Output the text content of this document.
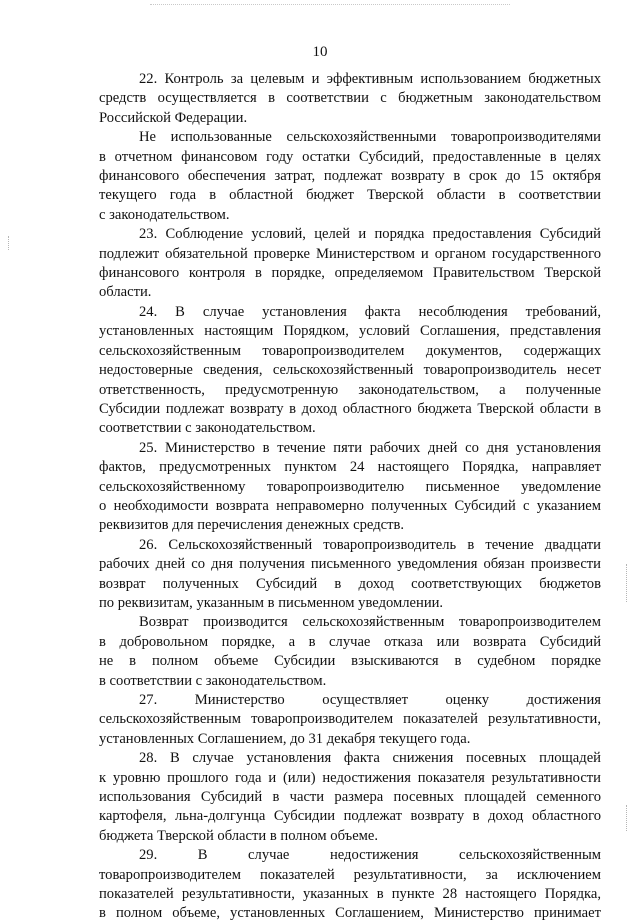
10
22. Контроль за целевым и эффективным использованием бюджетных
средств осуществляется в соответствии с бюджетным законодательством
Российской Федерации.
Не использованные сельскохозяйственными товаропроизводителями
в отчетном финансовом году остатки Субсидий, предоставленные в целях
финансового обеспечения затрат, подлежат возврату в срок до 15 октября
текущего года в областной бюджет Тверской области в соответствии
с законодательством.
23. Соблюдение условий, целей и порядка предоставления Субсидий
подлежит обязательной проверке Министерством и органом государственного
финансового контроля в порядке, определяемом Правительством Тверской
области.
24. В случае установления факта несоблюдения требований,
установленных настоящим Порядком, условий Соглашения, представления
сельскохозяйственным товаропроизводителем документов, содержащих
недостоверные сведения, сельскохозяйственный товаропроизводитель несет
ответственность, предусмотренную законодательством, а полученные
Субсидии подлежат возврату в доход областного бюджета Тверской области в
соответствии с законодательством.
25. Министерство в течение пяти рабочих дней со дня установления
фактов, предусмотренных пунктом 24 настоящего Порядка, направляет
сельскохозяйственному товаропроизводителю письменное уведомление
о необходимости возврата неправомерно полученных Субсидий с указанием
реквизитов для перечисления денежных средств.
26. Сельскохозяйственный товаропроизводитель в течение двадцати
рабочих дней со дня получения письменного уведомления обязан произвести
возврат полученных Субсидий в доход соответствующих бюджетов
по реквизитам, указанным в письменном уведомлении.
Возврат производится сельскохозяйственным товаропроизводителем
в добровольном порядке, а в случае отказа или возврата Субсидий
не в полном объеме Субсидии взыскиваются в судебном порядке
в соответствии с законодательством.
27. Министерство осуществляет оценку достижения
сельскохозяйственным товаропроизводителем показателей результативности,
установленных Соглашением, до 31 декабря текущего года.
28. В случае установления факта снижения посевных площадей
к уровню прошлого года и (или) недостижения показателя результативности
использования Субсидий в части размера посевных площадей семенного
картофеля, льна-долгунца Субсидии подлежат возврату в доход областного
бюджета Тверской области в полном объеме.
29. В случае недостижения сельскохозяйственным
товаропроизводителем показателей результативности, за исключением
показателей результативности, указанных в пункте 28 настоящего Порядка,
в полном объеме, установленных Соглашением, Министерство принимает
